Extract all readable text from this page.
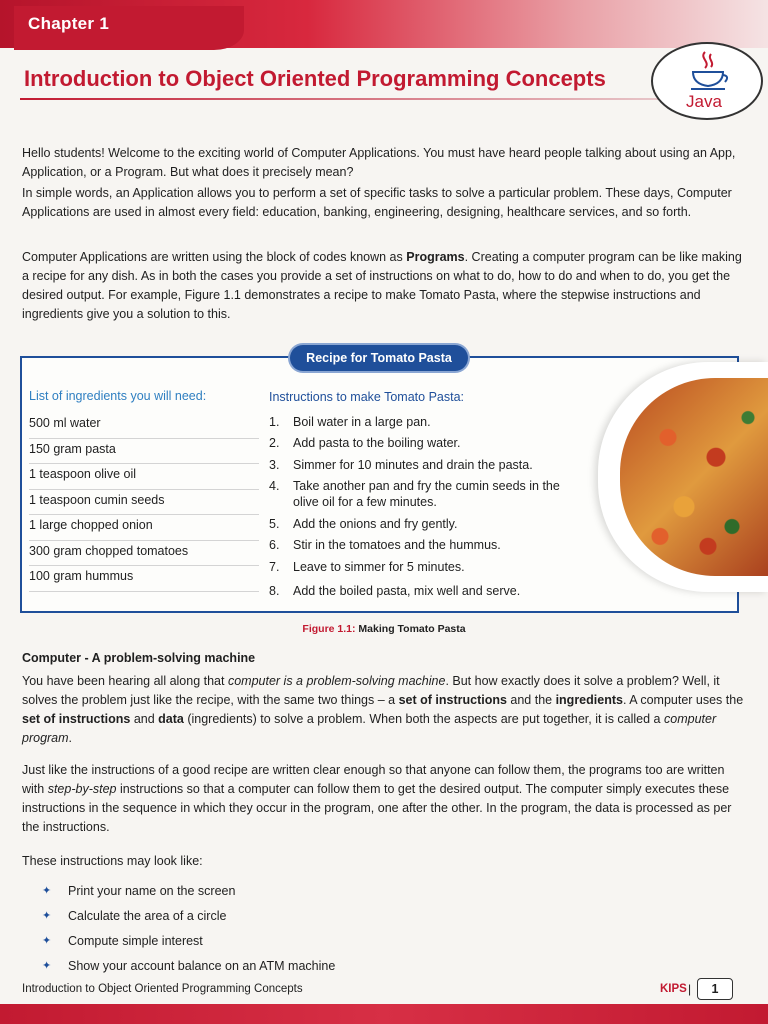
Chapter 1
Introduction to Object Oriented Programming Concepts
Java

Hello students! Welcome to the exciting world of Computer Applications. You must have heard people talking about using an App, Application, or a Program. But what does it precisely mean?

In simple words, an Application allows you to perform a set of specific tasks to solve a particular problem. These days, Computer Applications are used in almost every field: education, banking, engineering, designing, healthcare services, and so forth.

Computer Applications are written using the block of codes known as Programs. Creating a computer program can be like making a recipe for any dish. As in both the cases you provide a set of instructions on what to do, how to do and when to do, you get the desired output. For example, Figure 1.1 demonstrates a recipe to make Tomato Pasta, where the stepwise instructions and ingredients give you a solution to this.

Recipe for Tomato Pasta
List of ingredients you will need:
500 ml water
150 gram pasta
1 teaspoon olive oil
1 teaspoon cumin seeds
1 large chopped onion
300 gram chopped tomatoes
100 gram hummus
Instructions to make Tomato Pasta:
1. Boil water in a large pan.
2. Add pasta to the boiling water.
3. Simmer for 10 minutes and drain the pasta.
4. Take another pan and fry the cumin seeds in the olive oil for a few minutes.
5. Add the onions and fry gently.
6. Stir in the tomatoes and the hummus.
7. Leave to simmer for 5 minutes.
8. Add the boiled pasta, mix well and serve.
Figure 1.1: Making Tomato Pasta
Computer - A problem-solving machine

You have been hearing all along that computer is a problem-solving machine. But how exactly does it solve a problem? Well, it solves the problem just like the recipe, with the same two things – a set of instructions and the ingredients. A computer uses the set of instructions and data (ingredients) to solve a problem. When both the aspects are put together, it is called a computer program.

Just like the instructions of a good recipe are written clear enough so that anyone can follow them, the programs too are written with step-by-step instructions so that a computer can follow them to get the desired output. The computer simply executes these instructions in the sequence in which they occur in the program, one after the other. In the program, the data is processed as per the instructions.

These instructions may look like:

✦	Print your name on the screen
✦	Calculate the area of a circle
✦	Compute simple interest
✦	Show your account balance on an ATM machine
Introduction to Object Oriented Programming Concepts	KIPS |	1
